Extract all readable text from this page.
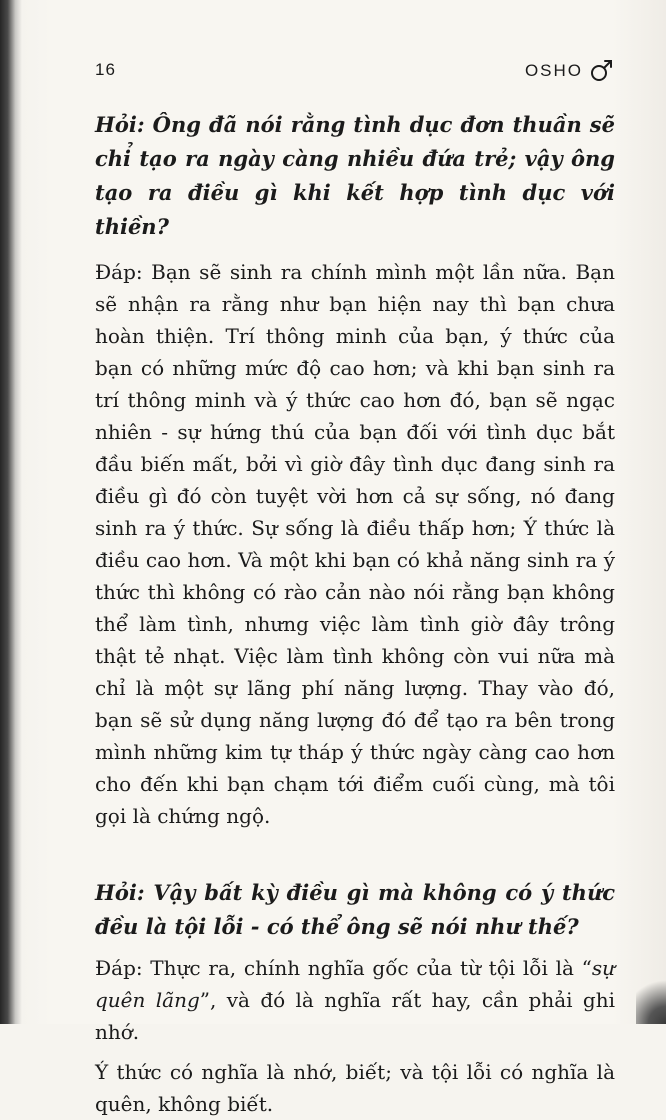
16	OSHO

Hỏi: Ông đã nói rằng tình dục đơn thuần sẽ chỉ tạo ra ngày càng nhiều đứa trẻ; vậy ông tạo ra điều gì khi kết hợp tình dục với thiền?

Đáp: Bạn sẽ sinh ra chính mình một lần nữa. Bạn sẽ nhận ra rằng như bạn hiện nay thì bạn chưa hoàn thiện. Trí thông minh của bạn, ý thức của bạn có những mức độ cao hơn; và khi bạn sinh ra trí thông minh và ý thức cao hơn đó, bạn sẽ ngạc nhiên - sự hứng thú của bạn đối với tình dục bắt đầu biến mất, bởi vì giờ đây tình dục đang sinh ra điều gì đó còn tuyệt vời hơn cả sự sống, nó đang sinh ra ý thức. Sự sống là điều thấp hơn; Ý thức là điều cao hơn. Và một khi bạn có khả năng sinh ra ý thức thì không có rào cản nào nói rằng bạn không thể làm tình, nhưng việc làm tình giờ đây trông thật tẻ nhạt. Việc làm tình không còn vui nữa mà chỉ là một sự lãng phí năng lượng. Thay vào đó, bạn sẽ sử dụng năng lượng đó để tạo ra bên trong mình những kim tự tháp ý thức ngày càng cao hơn cho đến khi bạn chạm tới điểm cuối cùng, mà tôi gọi là chứng ngộ.

Hỏi: Vậy bất kỳ điều gì mà không có ý thức đều là tội lỗi - có thể ông sẽ nói như thế?

Đáp: Thực ra, chính nghĩa gốc của từ tội lỗi là “sự quên lãng”, và đó là nghĩa rất hay, cần phải ghi nhớ.

Ý thức có nghĩa là nhớ, biết; và tội lỗi có nghĩa là quên, không biết.
